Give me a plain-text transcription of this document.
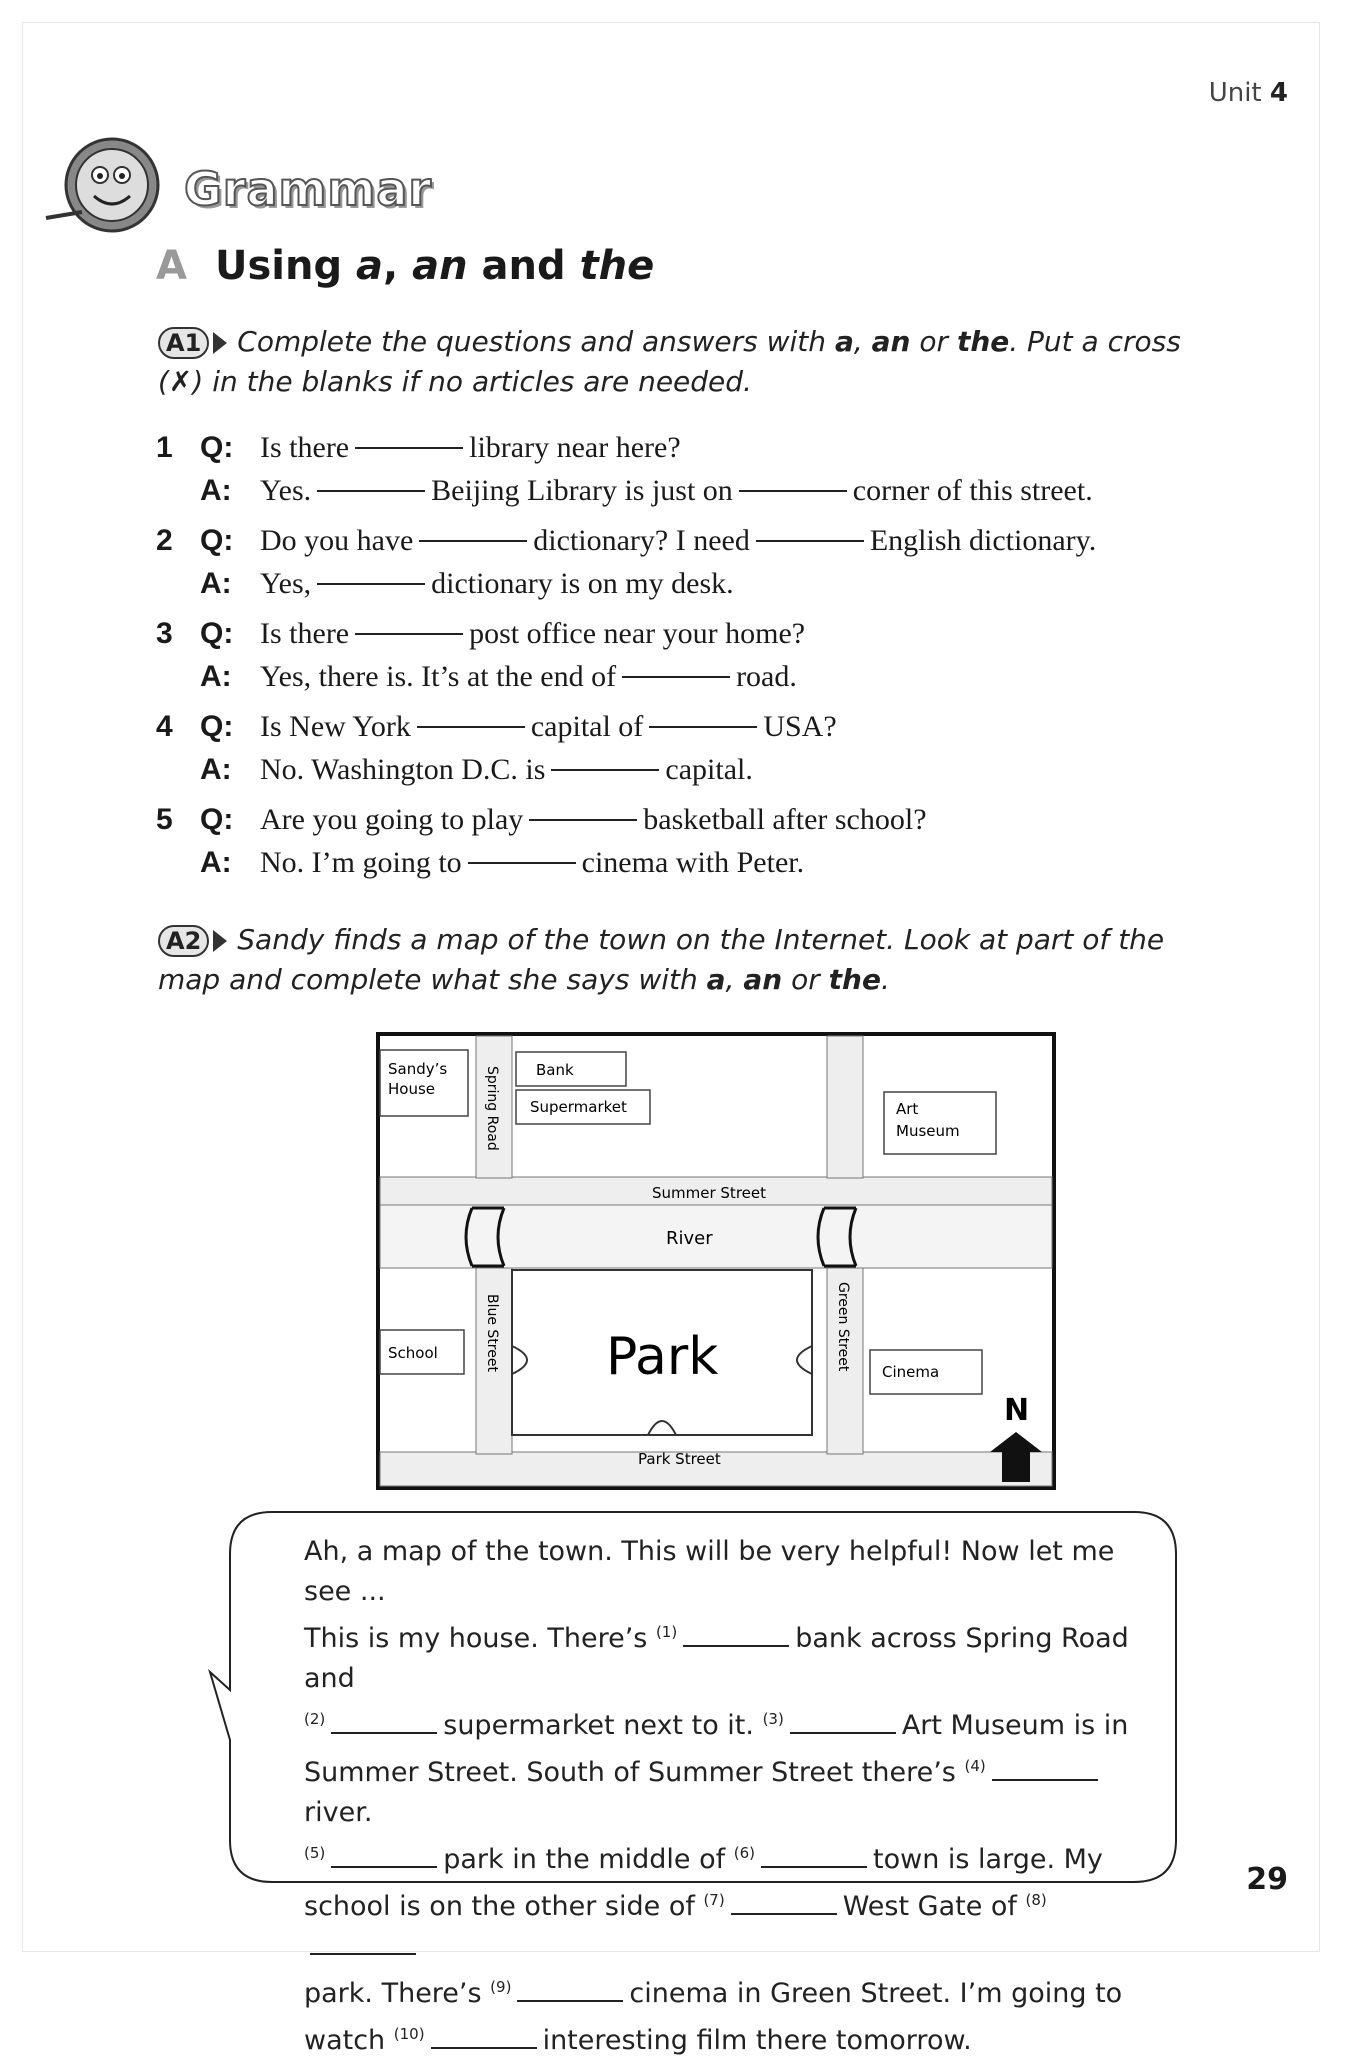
Unit 4
Grammar
A Using a, an and the
A1 Complete the questions and answers with a, an or the. Put a cross (✗) in the blanks if no articles are needed.
1 Q: Is there	library near here?
A: Yes.	Beijing Library is just on	corner of this street.
2 Q: Do you have	dictionary? I need	English dictionary.
A: Yes,	dictionary is on my desk.
3 Q: Is there	post office near your home?
A: Yes, there is. It’s at the end of	road.
4 Q: Is New York	capital of	USA?
A: No. Washington D.C. is	capital.
5 Q: Are you going to play	basketball after school?
A: No. I’m going to	cinema with Peter.
A2 Sandy finds a map of the town on the Internet. Look at part of the map and complete what she says with a, an or the.
Sandy’s
House	Spring Road Bank
Supermarket	Art
Museum
Summer Street
River
School	Blue Street Park	Green Street
Cinema
Park Street
N
Ah, a map of the town. This will be very helpful! Now let me see ...
This is my house. There’s $^{(1)}$	bank across Spring Road and
$^{(2)}$	supermarket next to it. $^{(3)}$	Art Museum is in
Summer Street. South of Summer Street there’s $^{(4)}$river.
$^{(5)}$	park in the middle of $^{(6)}$	town is large. My
school is on the other side of $^{(7)}$	West Gate of $^{(8)}$
park. There’s $^{(9)}$	cinema in Green Street. I’m going to
watch $^{(10)}$	interesting film there tomorrow.
29
